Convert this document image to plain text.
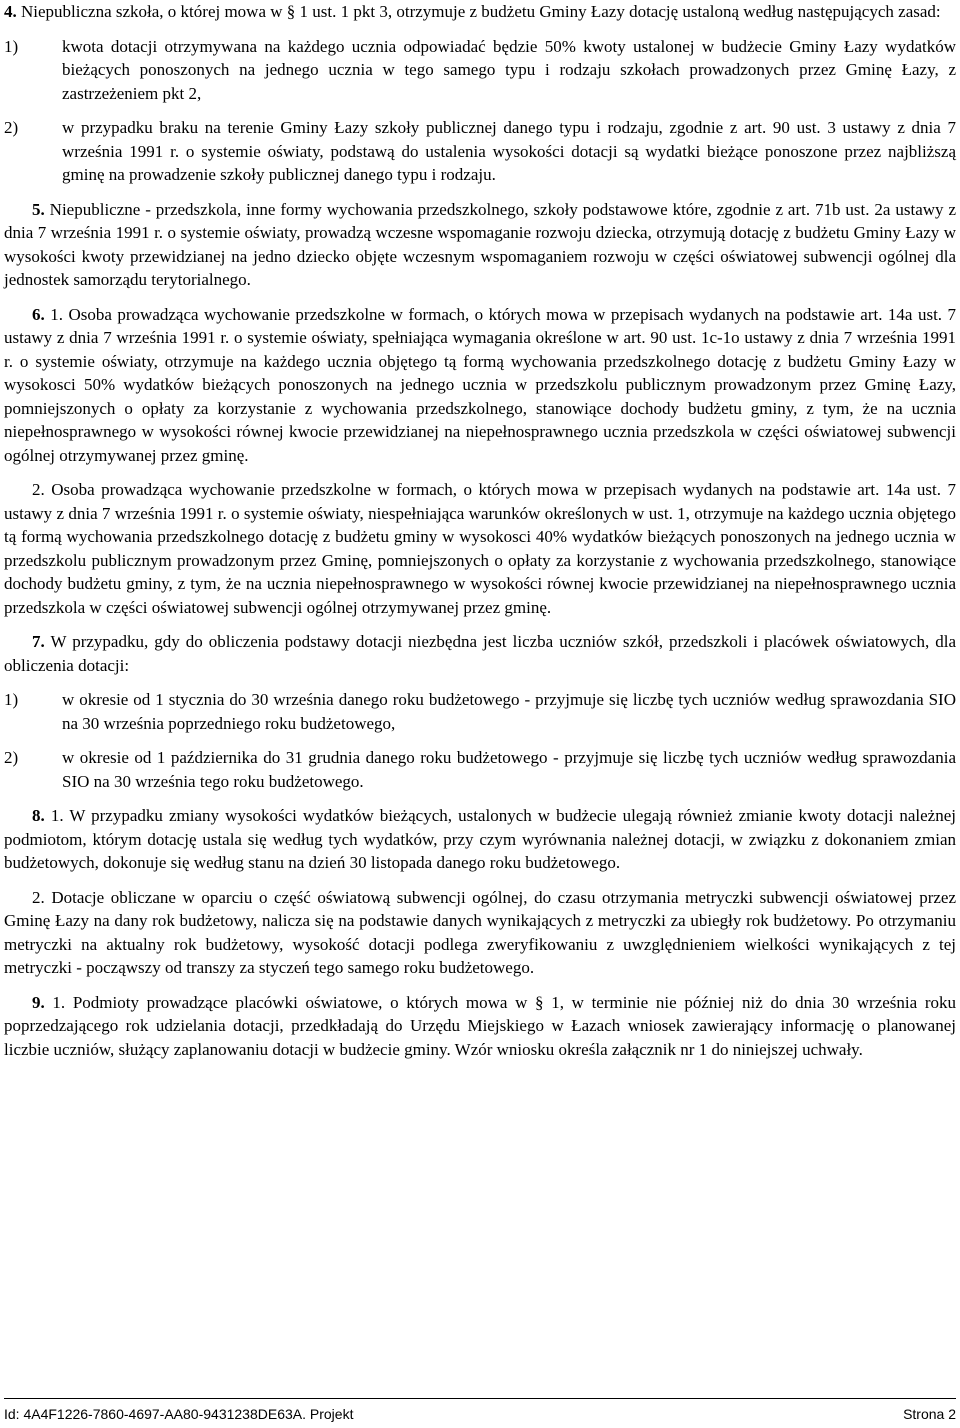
4. Niepubliczna szkoła, o której mowa w § 1 ust. 1 pkt 3, otrzymuje z budżetu Gminy Łazy dotację ustaloną według następujących zasad:

1)	kwota dotacji otrzymywana na każdego ucznia odpowiadać będzie 50% kwoty ustalonej w budżecie Gminy Łazy wydatków bieżących ponoszonych na jednego ucznia w tego samego typu i rodzaju szkołach prowadzonych przez Gminę Łazy, z zastrzeżeniem pkt 2,

2)	w przypadku braku na terenie Gminy Łazy szkoły publicznej danego typu i rodzaju, zgodnie z art. 90 ust. 3 ustawy z dnia 7 września 1991 r. o systemie oświaty, podstawą do ustalenia wysokości dotacji są wydatki bieżące ponoszone przez najbliższą gminę na prowadzenie szkoły publicznej danego typu i rodzaju.

5. Niepubliczne - przedszkola, inne formy wychowania przedszkolnego, szkoły podstawowe które, zgodnie z art. 71b ust. 2a ustawy z dnia 7 września 1991 r. o systemie oświaty, prowadzą wczesne wspomaganie rozwoju dziecka, otrzymują dotację z budżetu Gminy Łazy w wysokości kwoty przewidzianej na jedno dziecko objęte wczesnym wspomaganiem rozwoju w części oświatowej subwencji ogólnej dla jednostek samorządu terytorialnego.

6. 1. Osoba prowadząca wychowanie przedszkolne w formach, o których mowa w przepisach wydanych na podstawie art. 14a ust. 7 ustawy z dnia 7 września 1991 r. o systemie oświaty, spełniająca wymagania określone w art. 90 ust. 1c-1o ustawy z dnia 7 września 1991 r. o systemie oświaty, otrzymuje na każdego ucznia objętego tą formą wychowania przedszkolnego dotację z budżetu Gminy Łazy w wysokosci 50% wydatków bieżących ponoszonych na jednego ucznia w przedszkolu publicznym prowadzonym przez Gminę Łazy, pomniejszonych o opłaty za korzystanie z wychowania przedszkolnego, stanowiące dochody budżetu gminy, z tym, że na ucznia niepełnosprawnego w wysokości równej kwocie przewidzianej na niepełnosprawnego ucznia przedszkola w części oświatowej subwencji ogólnej otrzymywanej przez gminę.

2. Osoba prowadząca wychowanie przedszkolne w formach, o których mowa w przepisach wydanych na podstawie art. 14a ust. 7 ustawy z dnia 7 września 1991 r. o systemie oświaty, niespełniająca warunków określonych w ust. 1, otrzymuje na każdego ucznia objętego tą formą wychowania przedszkolnego dotację z budżetu gminy w wysokosci 40% wydatków bieżących ponoszonych na jednego ucznia w przedszkolu publicznym prowadzonym przez Gminę, pomniejszonych o opłaty za korzystanie z wychowania przedszkolnego, stanowiące dochody budżetu gminy, z tym, że na ucznia niepełnosprawnego w wysokości równej kwocie przewidzianej na niepełnosprawnego ucznia przedszkola w części oświatowej subwencji ogólnej otrzymywanej przez gminę.

7. W przypadku, gdy do obliczenia podstawy dotacji niezbędna jest liczba uczniów szkół, przedszkoli i placówek oświatowych, dla obliczenia dotacji:

1)	w okresie od 1 stycznia do 30 września danego roku budżetowego - przyjmuje się liczbę tych uczniów według sprawozdania SIO na 30 września poprzedniego roku budżetowego,

2)	w okresie od 1 października do 31 grudnia danego roku budżetowego - przyjmuje się liczbę tych uczniów według sprawozdania SIO na 30 września tego roku budżetowego.

8. 1. W przypadku zmiany wysokości wydatków bieżących, ustalonych w budżecie ulegają również zmianie kwoty dotacji należnej podmiotom, którym dotację ustala się według tych wydatków, przy czym wyrównania należnej dotacji, w związku z dokonaniem zmian budżetowych, dokonuje się według stanu na dzień 30 listopada danego roku budżetowego.

2. Dotacje obliczane w oparciu o część oświatową subwencji ogólnej, do czasu otrzymania metryczki subwencji oświatowej przez Gminę Łazy na dany rok budżetowy, nalicza się na podstawie danych wynikających z metryczki za ubiegły rok budżetowy. Po otrzymaniu metryczki na aktualny rok budżetowy, wysokość dotacji podlega zweryfikowaniu z uwzględnieniem wielkości wynikających z tej metryczki - począwszy od transzy za styczeń tego samego roku budżetowego.

9. 1. Podmioty prowadzące placówki oświatowe, o których mowa w § 1, w terminie nie później niż do dnia 30 września roku poprzedzającego rok udzielania dotacji, przedkładają do Urzędu Miejskiego w Łazach wniosek zawierający informację o planowanej liczbie uczniów, służący zaplanowaniu dotacji w budżecie gminy. Wzór wniosku określa załącznik nr 1 do niniejszej uchwały.

Id: 4A4F1226-7860-4697-AA80-9431238DE63A. Projekt	Strona 2
